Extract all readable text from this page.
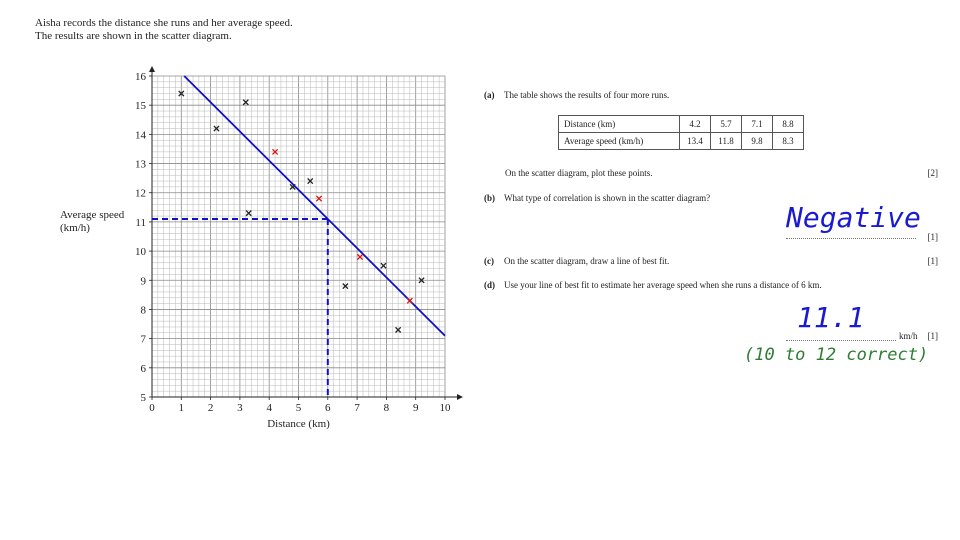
Aisha records the distance she runs and her average speed.
The results are shown in the scatter diagram.
Average speed
(km/h)
0 1 2 3 4 5 6 7 8 9 10
5
6
7
8
9
10
11
12
13
14
15
16
Distance (km)
(a) The table shows the results of four more runs.
Distance (km)	4.2	5.7	7.1	8.8
Average speed (km/h)	13.4	11.8	9.8	8.3
On the scatter diagram, plot these points.	[2]
(b) What type of correlation is shown in the scatter diagram?
Negative
[1]
(c) On the scatter diagram, draw a line of best fit.	[1]
(d) Use your line of best fit to estimate her average speed when she runs a distance of 6 km.
11.1
km/h [1]
(10 to 12 correct)
